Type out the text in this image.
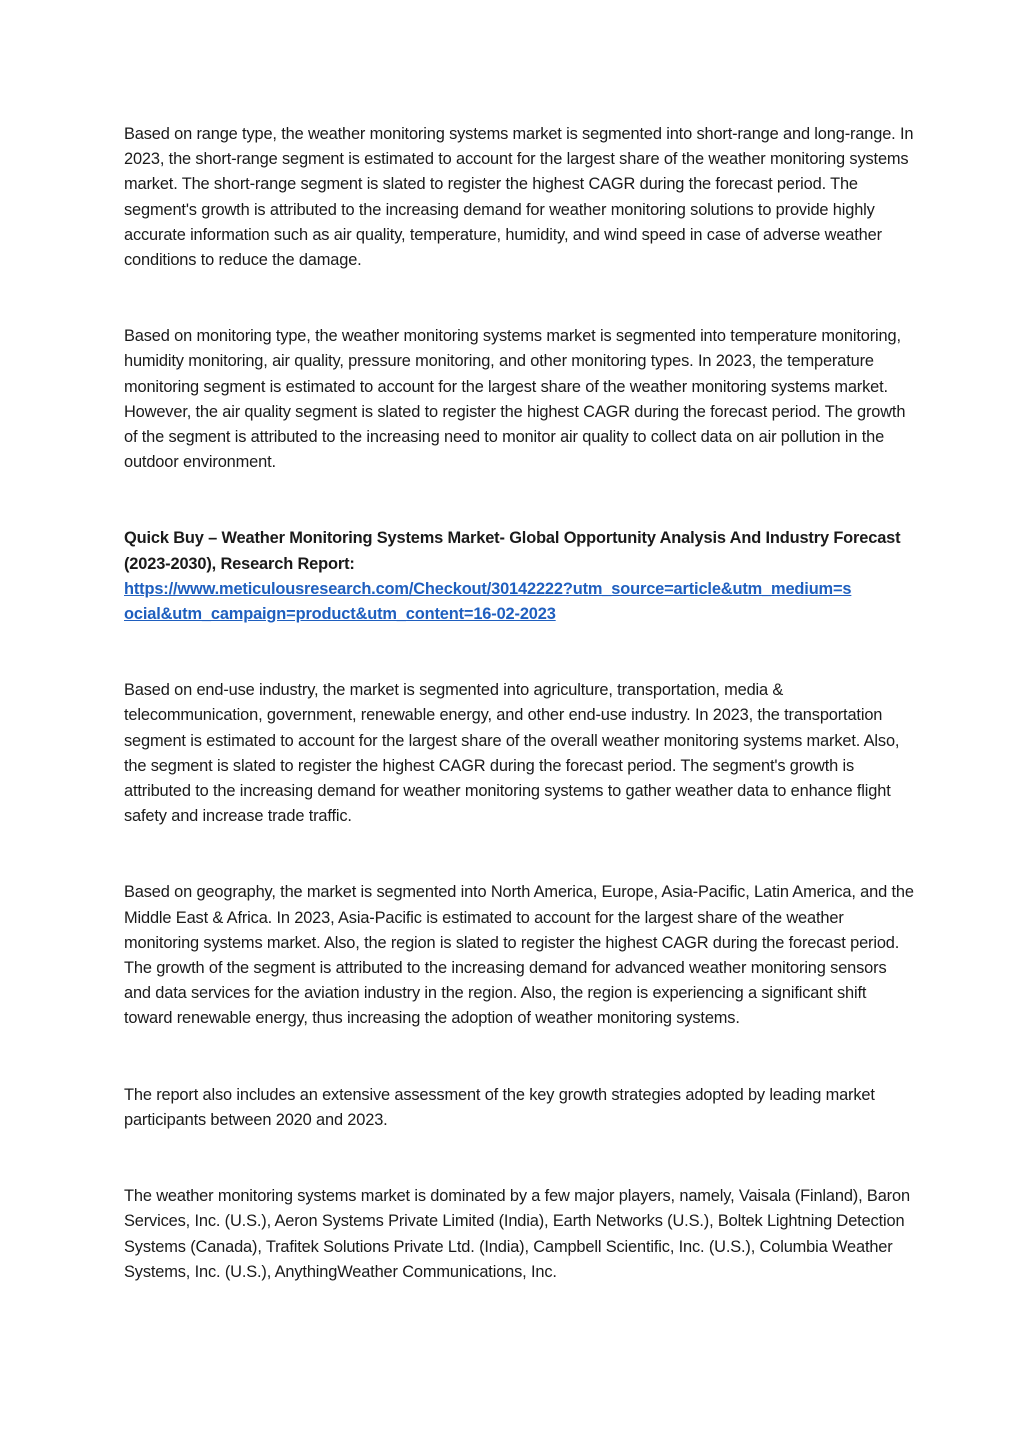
Based on range type, the weather monitoring systems market is segmented into short-range and long-range. In 2023, the short-range segment is estimated to account for the largest share of the weather monitoring systems market. The short-range segment is slated to register the highest CAGR during the forecast period. The segment's growth is attributed to the increasing demand for weather monitoring solutions to provide highly accurate information such as air quality, temperature, humidity, and wind speed in case of adverse weather conditions to reduce the damage.

Based on monitoring type, the weather monitoring systems market is segmented into temperature monitoring, humidity monitoring, air quality, pressure monitoring, and other monitoring types. In 2023, the temperature monitoring segment is estimated to account for the largest share of the weather monitoring systems market. However, the air quality segment is slated to register the highest CAGR during the forecast period. The growth of the segment is attributed to the increasing need to monitor air quality to collect data on air pollution in the outdoor environment.

Quick Buy – Weather Monitoring Systems Market- Global Opportunity Analysis And Industry Forecast (2023-2030), Research Report:

https://www.meticulousresearch.com/Checkout/30142222?utm_source=article&utm_medium=s
ocial&utm_campaign=product&utm_content=16-02-2023

Based on end-use industry, the market is segmented into agriculture, transportation, media & telecommunication, government, renewable energy, and other end-use industry. In 2023, the transportation segment is estimated to account for the largest share of the overall weather monitoring systems market. Also, the segment is slated to register the highest CAGR during the forecast period. The segment's growth is attributed to the increasing demand for weather monitoring systems to gather weather data to enhance flight safety and increase trade traffic.

Based on geography, the market is segmented into North America, Europe, Asia-Pacific, Latin America, and the Middle East & Africa. In 2023, Asia-Pacific is estimated to account for the largest share of the weather monitoring systems market. Also, the region is slated to register the highest CAGR during the forecast period. The growth of the segment is attributed to the increasing demand for advanced weather monitoring sensors and data services for the aviation industry in the region. Also, the region is experiencing a significant shift toward renewable energy, thus increasing the adoption of weather monitoring systems.

The report also includes an extensive assessment of the key growth strategies adopted by leading market participants between 2020 and 2023.

The weather monitoring systems market is dominated by a few major players, namely, Vaisala (Finland), Baron Services, Inc. (U.S.), Aeron Systems Private Limited (India), Earth Networks (U.S.), Boltek Lightning Detection Systems (Canada), Trafitek Solutions Private Ltd. (India), Campbell Scientific, Inc. (U.S.), Columbia Weather Systems, Inc. (U.S.), AnythingWeather Communications, Inc.
